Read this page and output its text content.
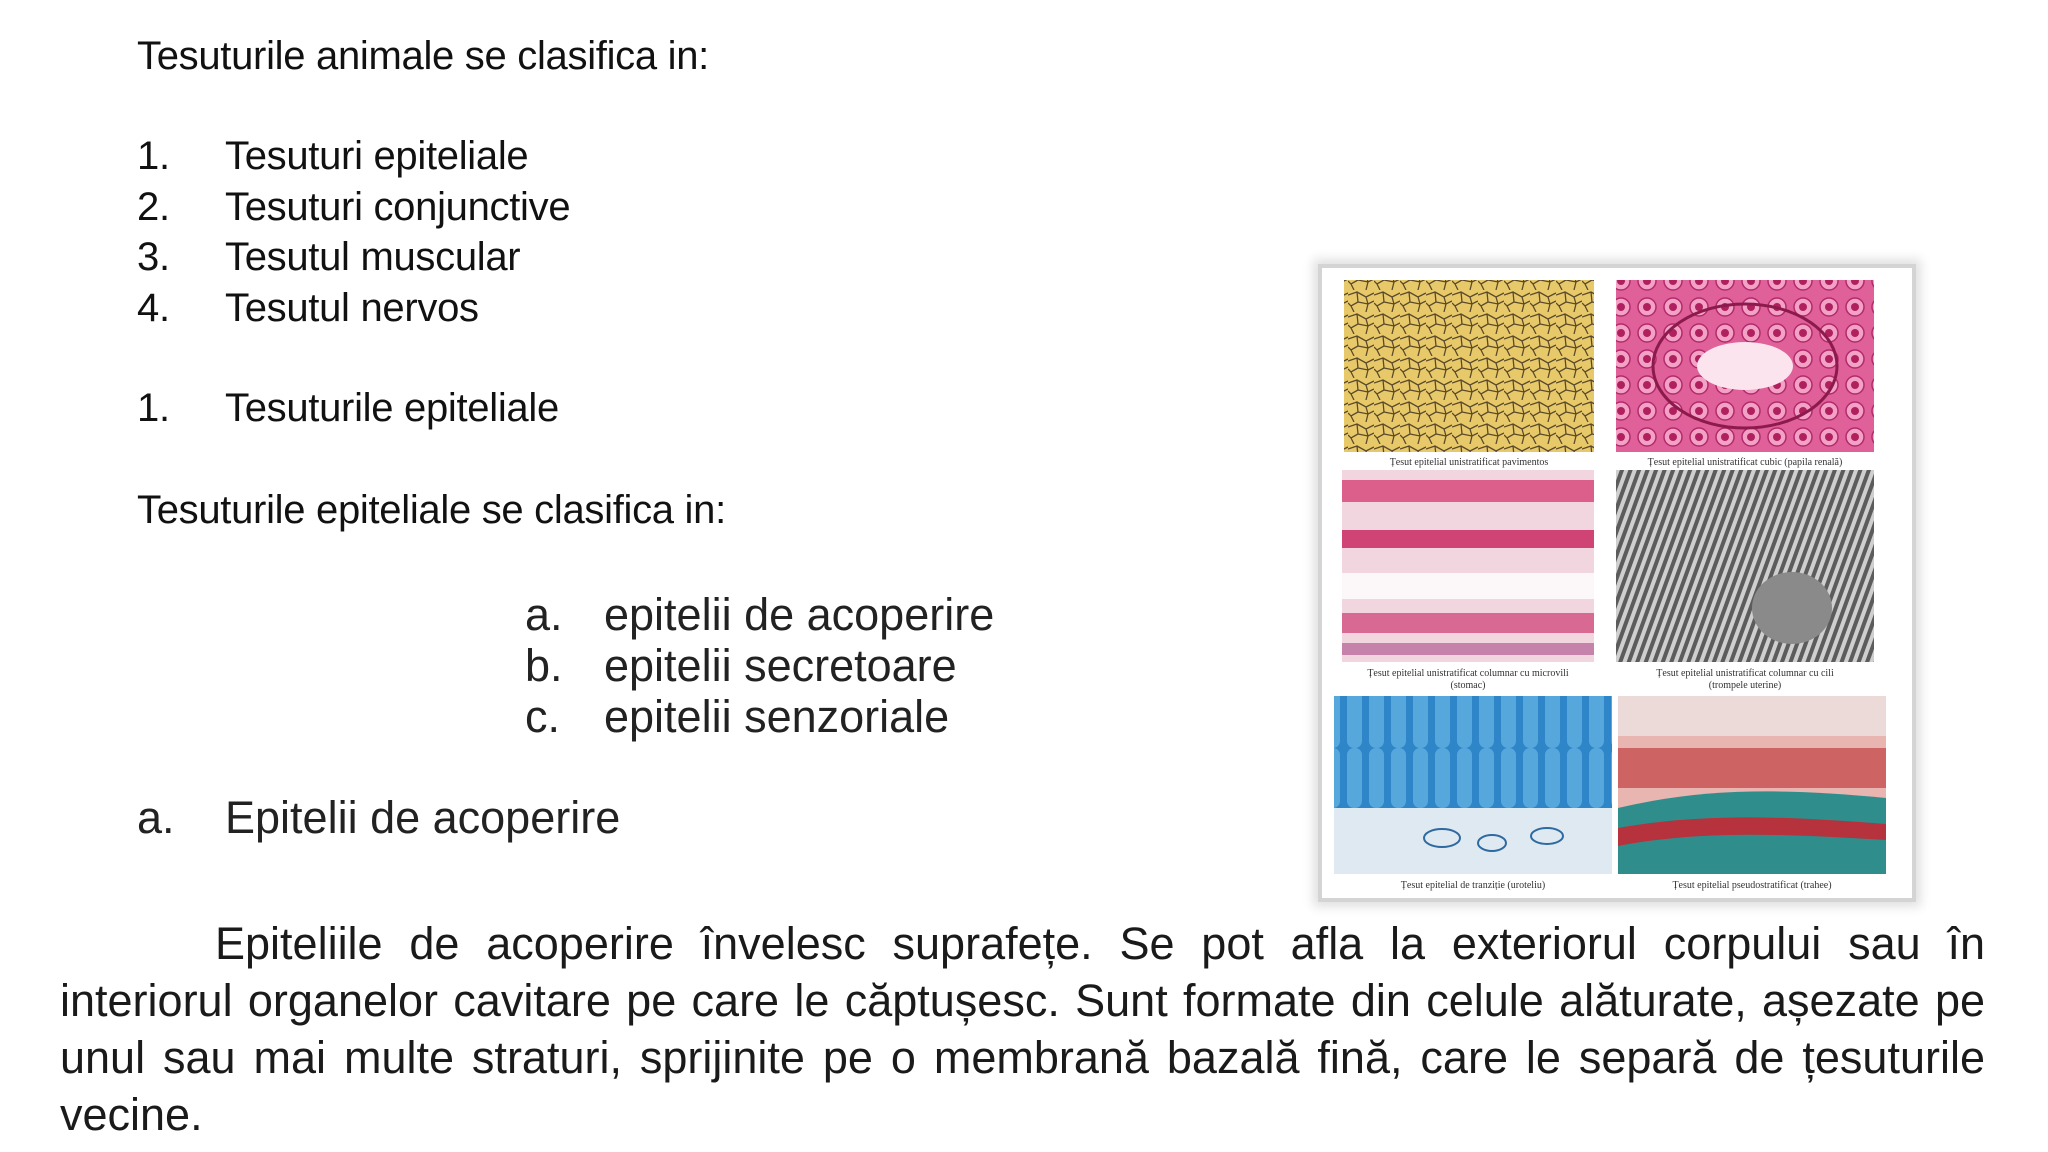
Tesuturile animale se clasifica in:
1. Tesuturi epiteliale
2. Tesuturi conjunctive
3. Tesutul muscular
4. Tesutul nervos
1. Tesuturile epiteliale
Tesuturile epiteliale se clasifica in:
a. epitelii de acoperire
b. epitelii secretoare
c. epitelii senzoriale
a. Epitelii de acoperire

Epiteliile de acoperire învelesc suprafețe. Se pot afla la exteriorul corpului sau în interiorul organelor cavitare pe care le căptușesc. Sunt formate din celule alăturate, așezate pe unul sau mai multe straturi, sprijinite pe o membrană bazală fină, care le separă de țesuturile vecine.

Țesut epitelial unistratificat pavimentos	Țesut epitelial unistratificat cubic (papila renală)
Țesut epitelial unistratificat columnar cu microvili
(stomac)
Țesut epitelial unistratificat columnar cu cili
(trompele uterine)
Țesut epitelial de tranziție (uroteliu)	Țesut epitelial pseudostratificat (trahee)
